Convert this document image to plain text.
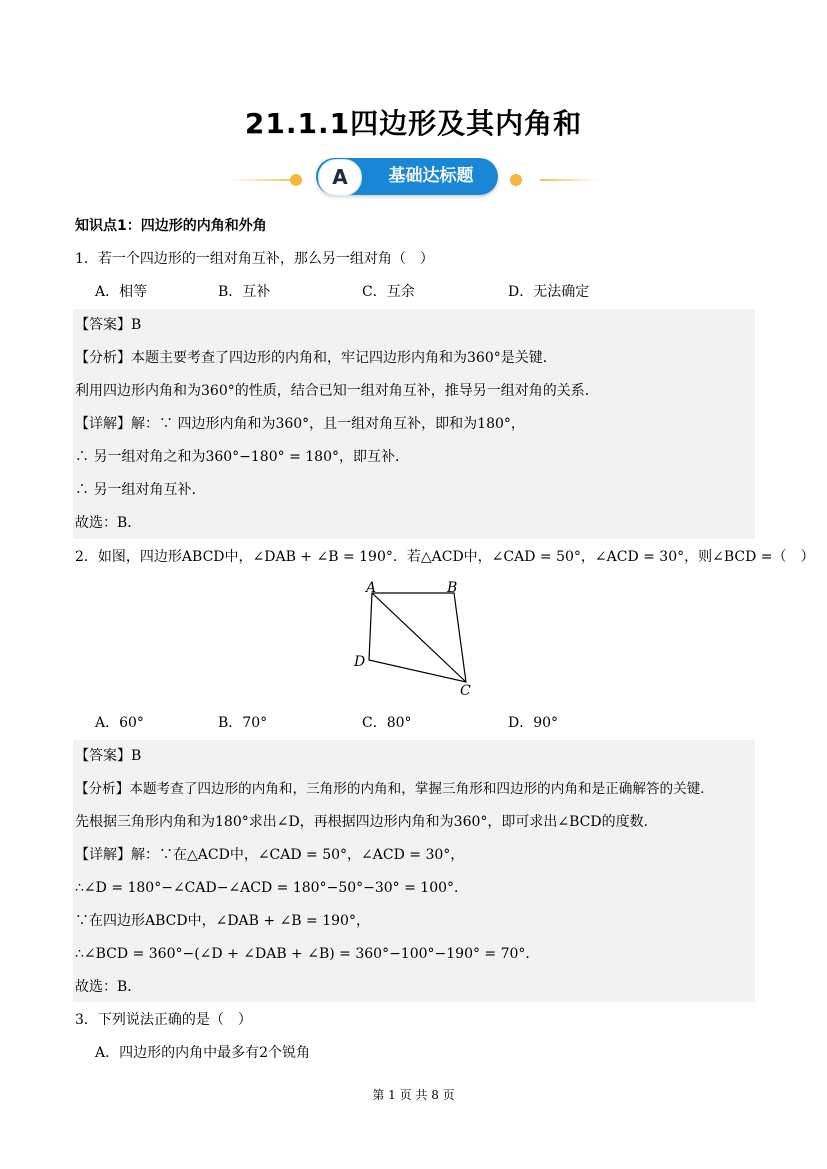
21.1.1四边形及其内角和
A	基础达标题
知识点1：四边形的内角和外角
1．若一个四边形的一组对角互补，那么另一组对角（　）
A．相等	B．互补	C．互余	D．无法确定
【答案】B
【分析】本题主要考查了四边形的内角和，牢记四边形内角和为360°是关键．
利用四边形内角和为360°的性质，结合已知一组对角互补，推导另一组对角的关系．
【详解】解：∵ 四边形内角和为360°，且一组对角互补，即和为180°，
∴ 另一组对角之和为360°−180° = 180°，即互补.
∴ 另一组对角互补.
故选：B．
2．如图，四边形ABCD中，∠DAB + ∠B = 190°．若△ACD中，∠CAD = 50°，∠ACD = 30°，则∠BCD =（　）
A	B
C
D
A．60°	B．70°	C．80°	D．90°
【答案】B
【分析】本题考查了四边形的内角和，三角形的内角和，掌握三角形和四边形的内角和是正确解答的关键．
先根据三角形内角和为180°求出∠D，再根据四边形内角和为360°，即可求出∠BCD的度数．
【详解】解：∵在△ACD中，∠CAD = 50°，∠ACD = 30°，
∴∠D = 180°−∠CAD−∠ACD = 180°−50°−30° = 100°．
∵在四边形ABCD中，∠DAB + ∠B = 190°，
∴∠BCD = 360°−(∠D + ∠DAB + ∠B) = 360°−100°−190° = 70°．
故选：B．
3．下列说法正确的是（　）
A．四边形的内角中最多有2个锐角
第 1 页 共 8 页
